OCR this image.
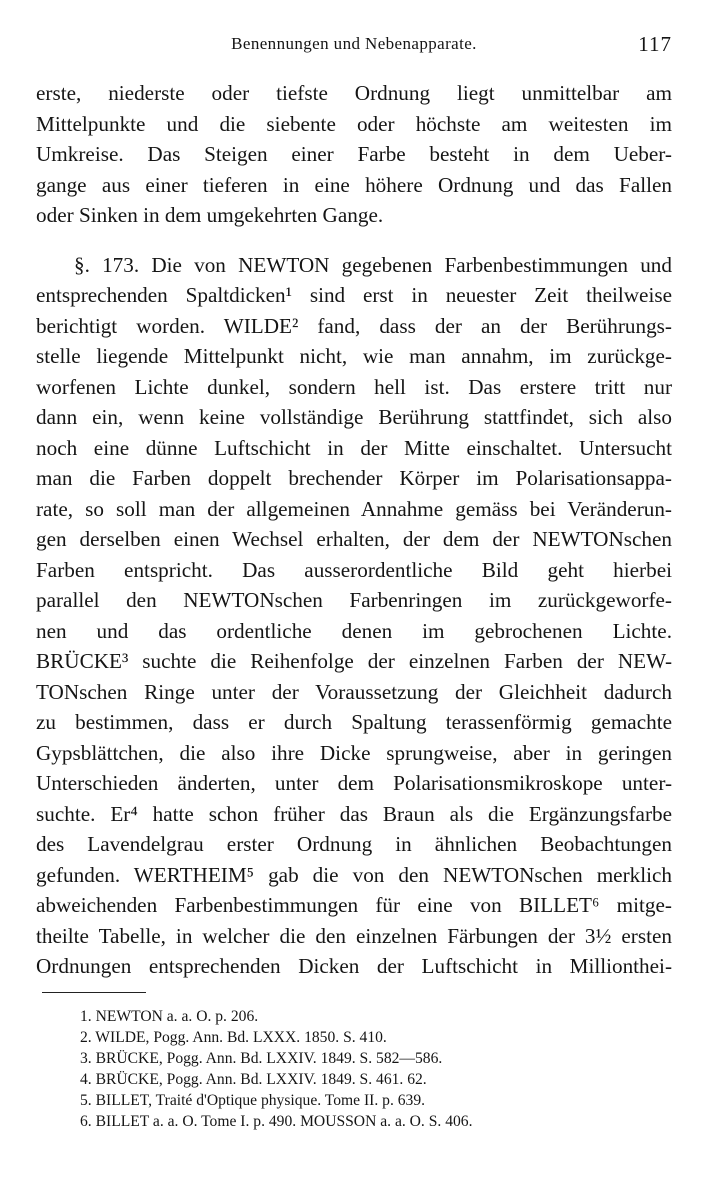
Benennungen und Nebenapparate.	117
erste, niederste oder tiefste Ordnung liegt unmittelbar am
Mittelpunkte und die siebente oder höchste am weitesten im
Umkreise. Das Steigen einer Farbe besteht in dem Ueber-
gange aus einer tieferen in eine höhere Ordnung und das Fallen
oder Sinken in dem umgekehrten Gange.
§. 173. Die von NEWTON gegebenen Farbenbestimmungen und
entsprechenden Spaltdicken¹ sind erst in neuester Zeit theilweise
berichtigt worden. WILDE² fand, dass der an der Berührungs-
stelle liegende Mittelpunkt nicht, wie man annahm, im zurückge-
worfenen Lichte dunkel, sondern hell ist. Das erstere tritt nur
dann ein, wenn keine vollständige Berührung stattfindet, sich also
noch eine dünne Luftschicht in der Mitte einschaltet. Untersucht
man die Farben doppelt brechender Körper im Polarisationsappa-
rate, so soll man der allgemeinen Annahme gemäss bei Veränderun-
gen derselben einen Wechsel erhalten, der dem der NEWTONschen
Farben entspricht. Das ausserordentliche Bild geht hierbei
parallel den NEWTONschen Farbenringen im zurückgeworfe-
nen und das ordentliche denen im gebrochenen Lichte.
BRÜCKE³ suchte die Reihenfolge der einzelnen Farben der NEW-
TONschen Ringe unter der Voraussetzung der Gleichheit dadurch
zu bestimmen, dass er durch Spaltung terassenförmig gemachte
Gypsblättchen, die also ihre Dicke sprungweise, aber in geringen
Unterschieden änderten, unter dem Polarisationsmikroskope unter-
suchte. Er⁴ hatte schon früher das Braun als die Ergänzungsfarbe
des Lavendelgrau erster Ordnung in ähnlichen Beobachtungen
gefunden. WERTHEIM⁵ gab die von den NEWTONschen merklich
abweichenden Farbenbestimmungen für eine von BILLET⁶ mitge-
theilte Tabelle, in welcher die den einzelnen Färbungen der 3½ ersten
Ordnungen entsprechenden Dicken der Luftschicht in Millionthei-
1. NEWTON a. a. O. p. 206.
2. WILDE, Pogg. Ann. Bd. LXXX. 1850. S. 410.
3. BRÜCKE, Pogg. Ann. Bd. LXXIV. 1849. S. 582—586.
4. BRÜCKE, Pogg. Ann. Bd. LXXIV. 1849. S. 461. 62.
5. BILLET, Traité d'Optique physique. Tome II. p. 639.
6. BILLET a. a. O. Tome I. p. 490. MOUSSON a. a. O. S. 406.
